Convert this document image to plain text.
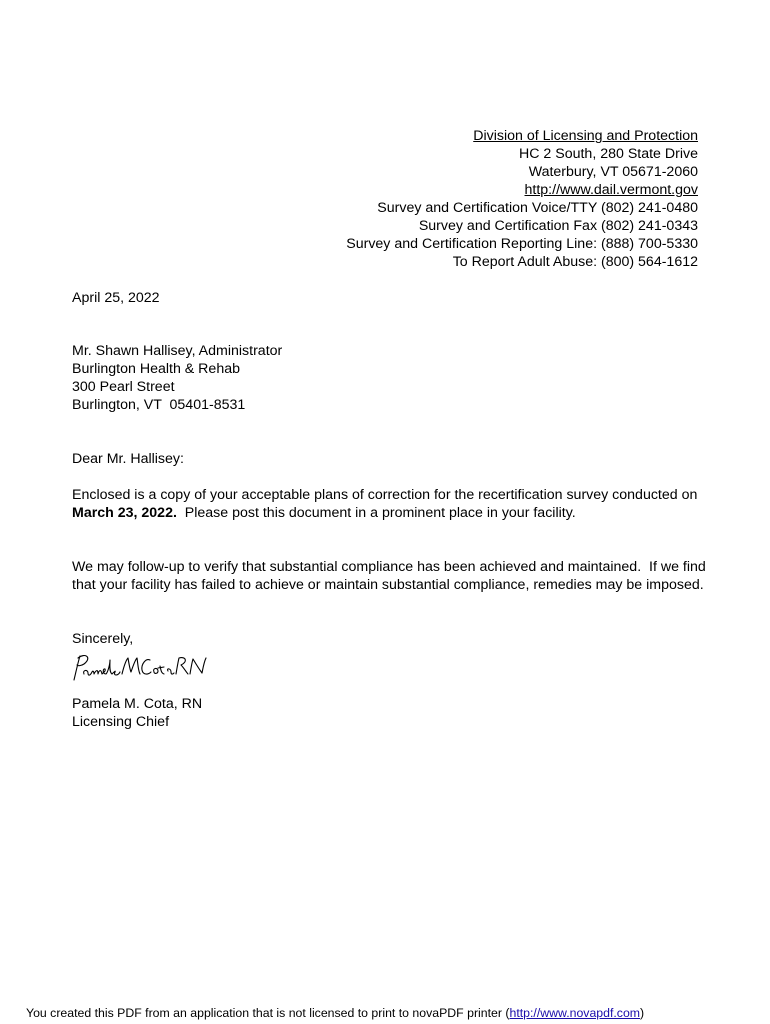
Division of Licensing and Protection
HC 2 South, 280 State Drive
Waterbury, VT 05671-2060
http://www.dail.vermont.gov
Survey and Certification Voice/TTY (802) 241-0480
Survey and Certification Fax (802) 241-0343
Survey and Certification Reporting Line: (888) 700-5330
To Report Adult Abuse: (800) 564-1612
April 25, 2022
Mr. Shawn Hallisey, Administrator
Burlington Health & Rehab
300 Pearl Street
Burlington, VT  05401-8531
Dear Mr. Hallisey:
Enclosed is a copy of your acceptable plans of correction for the recertification survey conducted on March 23, 2022.  Please post this document in a prominent place in your facility.
We may follow-up to verify that substantial compliance has been achieved and maintained.  If we find that your facility has failed to achieve or maintain substantial compliance, remedies may be imposed.
Sincerely,
Pamela M. Cota, RN
Licensing Chief
You created this PDF from an application that is not licensed to print to novaPDF printer (http://www.novapdf.com)
